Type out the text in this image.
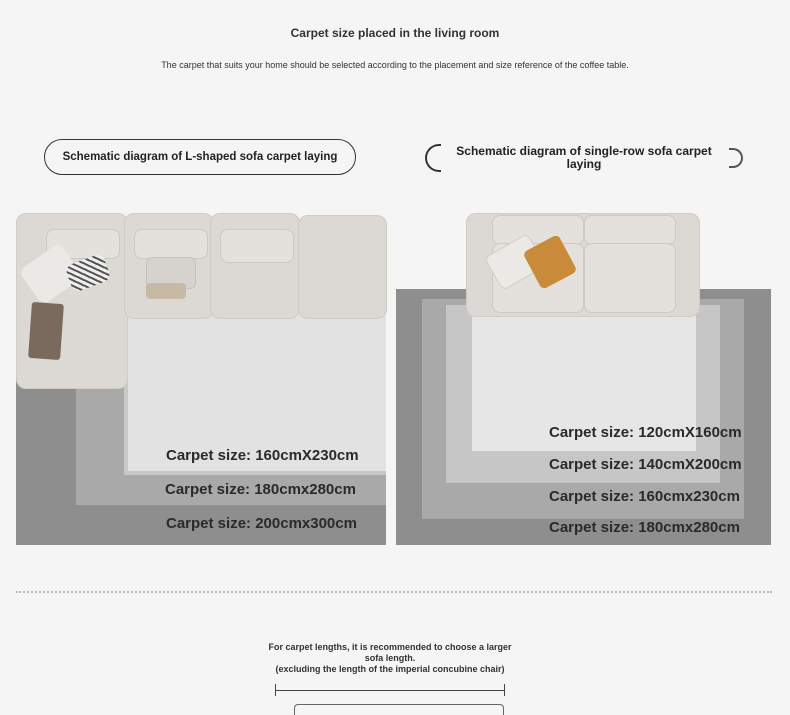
Carpet size placed in the living room
The carpet that suits your home should be selected according to the placement and size reference of the coffee table.
Schematic diagram of L-shaped sofa carpet laying
Carpet size: 160cmX230cm
Carpet size: 180cmx280cm
Carpet size: 200cmx300cm
Schematic diagram of single-row sofa carpet laying
Carpet size: 120cmX160cm
Carpet size: 140cmX200cm
Carpet size: 160cmx230cm
Carpet size: 180cmx280cm
For carpet lengths, it is recommended to choose a larger sofa length.
(excluding the length of the imperial concubine chair)
